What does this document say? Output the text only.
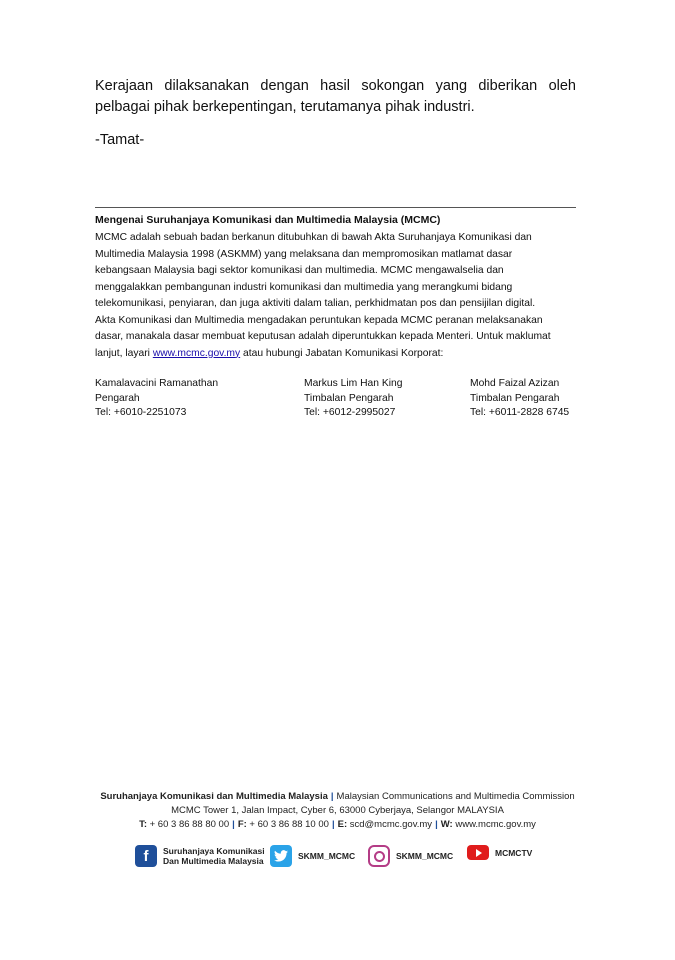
Kerajaan dilaksanakan dengan hasil sokongan yang diberikan oleh pelbagai pihak berkepentingan, terutamanya pihak industri.

-Tamat-

Mengenai Suruhanjaya Komunikasi dan Multimedia Malaysia (MCMC)

MCMC adalah sebuah badan berkanun ditubuhkan di bawah Akta Suruhanjaya Komunikasi dan
Multimedia Malaysia 1998 (ASKMM) yang melaksana dan mempromosikan matlamat dasar
kebangsaan Malaysia bagi sektor komunikasi dan multimedia. MCMC mengawalselia dan
menggalakkan pembangunan industri komunikasi dan multimedia yang merangkumi bidang
telekomunikasi, penyiaran, dan juga aktiviti dalam talian, perkhidmatan pos dan pensijilan digital.
Akta Komunikasi dan Multimedia mengadakan peruntukan kepada MCMC peranan melaksanakan
dasar, manakala dasar membuat keputusan adalah diperuntukkan kepada Menteri. Untuk maklumat
lanjut, layari www.mcmc.gov.my atau hubungi Jabatan Komunikasi Korporat:
Kamalavacini Ramanathan
Pengarah
Tel: +6010-2251073
Markus Lim Han King
Timbalan Pengarah
Tel: +6012-2995027
Mohd Faizal Azizan
Timbalan Pengarah
Tel: +6011-2828 6745
Suruhanjaya Komunikasi dan Multimedia Malaysia | Malaysian Communications and Multimedia Commission
MCMC Tower 1, Jalan Impact, Cyber 6, 63000 Cyberjaya, Selangor MALAYSIA
T: + 60 3 86 88 80 00 | F: + 60 3 86 88 10 00 | E: scd@mcmc.gov.my | W: www.mcmc.gov.my
f	Suruhanjaya Komunikasi
Dan Multimedia Malaysia	SKMM_MCMC	SKMM_MCMC	MCMCTV
